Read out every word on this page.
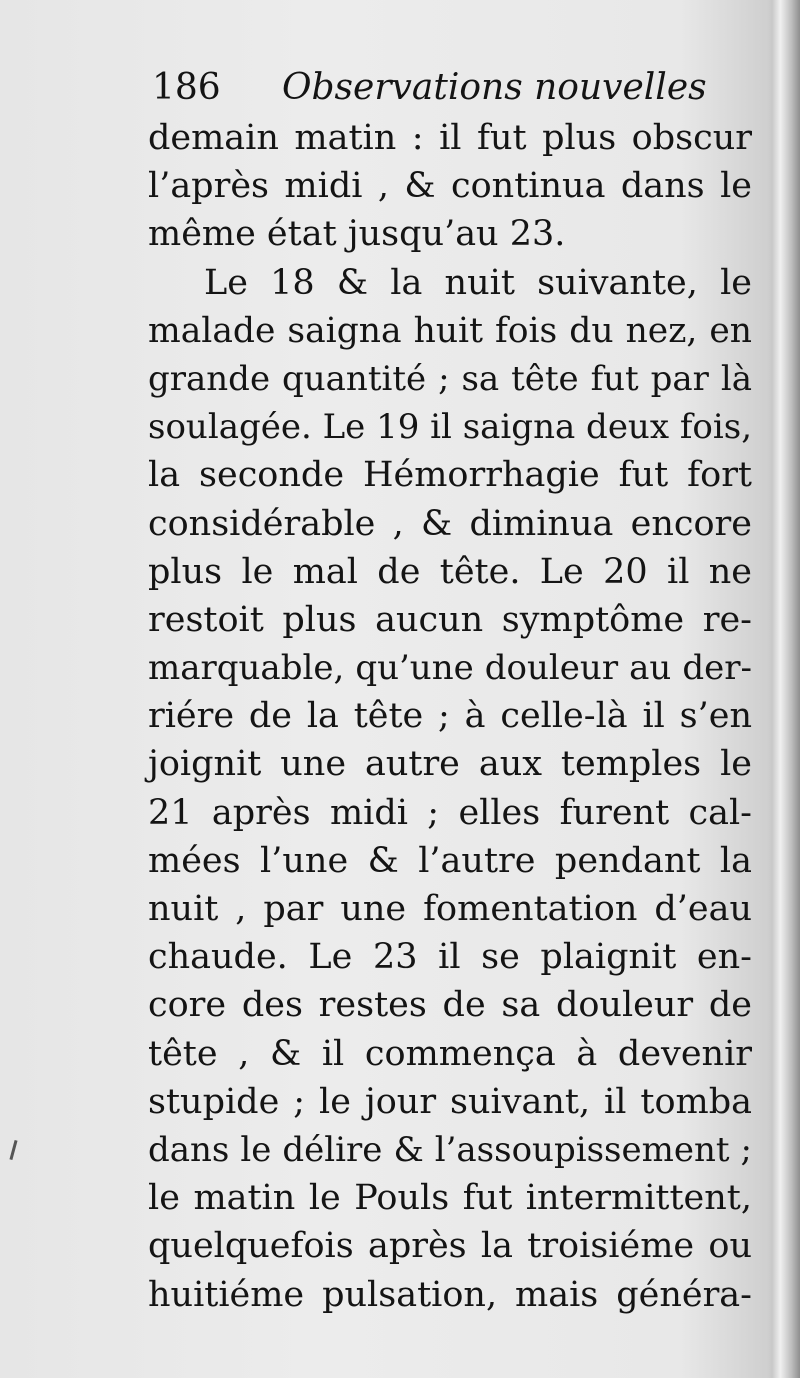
186 Observations nouvelles
demain matin : il fut plus obscur
l’après midi , & continua dans le
même état jusqu’au 23.
Le 18 & la nuit suivante, le
malade saigna huit fois du nez, en
grande quantité ; sa tête fut par là
soulagée. Le 19 il saigna deux fois,
la seconde Hémorrhagie fut fort
considérable , & diminua encore
plus le mal de tête. Le 20 il ne
restoit plus aucun symptôme re-
marquable, qu’une douleur au der-
riére de la tête ; à celle-là il s’en
joignit une autre aux temples le
21 après midi ; elles furent cal-
mées l’une & l’autre pendant la
nuit , par une fomentation d’eau
chaude. Le 23 il se plaignit en-
core des restes de sa douleur de
tête , & il commença à devenir
stupide ; le jour suivant, il tomba
dans le délire & l’assoupissement ;
le matin le Pouls fut intermittent,
quelquefois après la troisiéme ou
huitiéme pulsation, mais généra-
